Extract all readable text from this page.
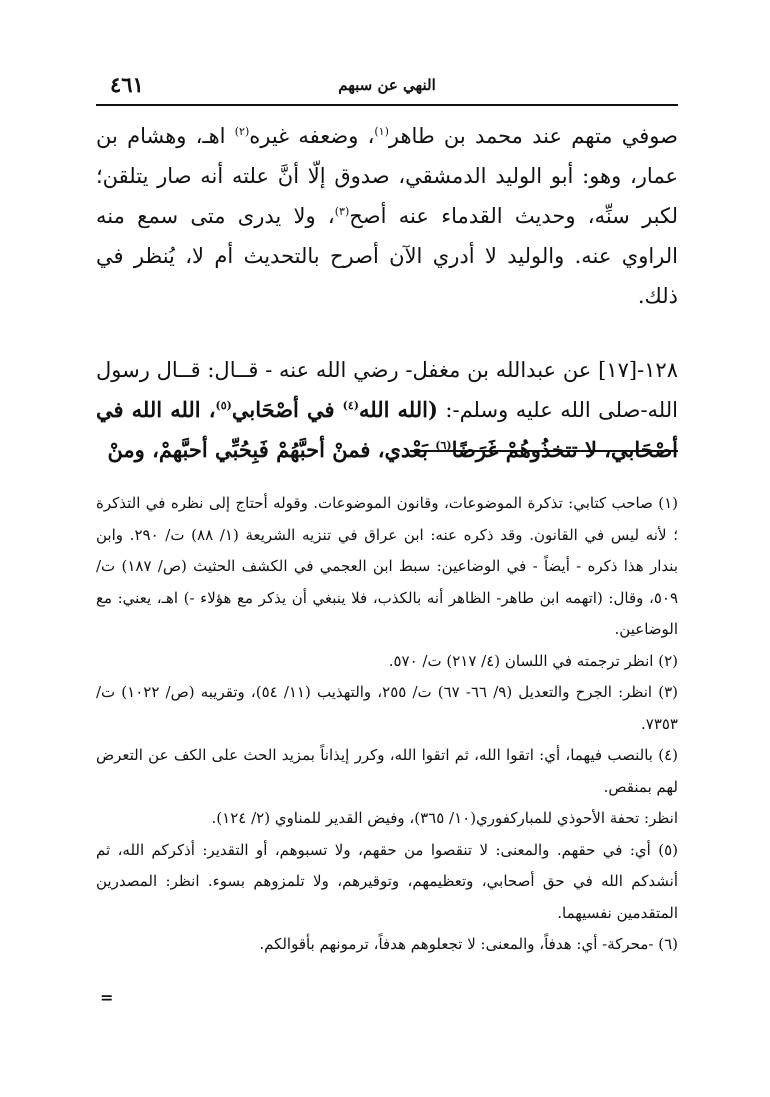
٤٦١	النهي عن سبهم

صوفي متهم عند محمد بن طاهر$^{(١)}$، وضعفه غيره$^{(٢)}$ اهـ، وهشام بن عمار، وهو: أبو الوليد الدمشقي، صدوق إلّا أنَّ علته أنه صار يتلقن؛ لكبر سنِّه، وحديث القدماء عنه أصح$^{(٣)}$، ولا يدرى متى سمع منه الراوي عنه. والوليد لا أدري الآن أصرح بالتحديث أم لا، يُنظر في ذلك.

١٢٨-[١٧] عن عبدالله بن مغفل- رضي الله عنه - قــال: قــال رسول الله-صلى الله عليه وسلم-: (الله الله$^{(٤)}$ في أصْحَابي$^{(٥)}$، الله الله في أصْحَابي، لا تتخذُوهُمْ غَرَضًا$^{(٦)}$ بَعْدي، فمنْ أحبَّهُمْ فَبِحُبِّي أحبَّهمْ، ومنْ

(١) صاحب كتابي: تذكرة الموضوعات، وقانون الموضوعات. وقوله أحتاج إلى نظره في التذكرة ؛ لأنه ليس في القانون. وقد ذكره عنه: ابن عراق في تنزيه الشريعة (١/ ٨٨) ت/ ٢٩٠. وابن بندار هذا ذكره - أيضاً - في الوضاعين: سبط ابن العجمي في الكشف الحثيث (ص/ ١٨٧) ت/ ٥٠٩، وقال: (اتهمه ابن طاهر- الظاهر أنه بالكذب، فلا ينبغي أن يذكر مع هؤلاء -) اهـ، يعني: مع الوضاعين.

(٢) انظر ترجمته في اللسان (٤/ ٢١٧) ت/ ٥٧٠.

(٣) انظر: الجرح والتعديل (٩/ ٦٦- ٦٧) ت/ ٢٥٥، والتهذيب (١١/ ٥٤)، وتقريبه (ص/ ١٠٢٢) ت/ ٧٣٥٣.

(٤) بالنصب فيهما، أي: اتقوا الله، ثم اتقوا الله، وكرر إيذاناً بمزيد الحث على الكف عن التعرض لهم بمنقص.

انظر: تحفة الأحوذي للمباركفوري(١٠/ ٣٦٥)، وفيض القدير للمناوي (٢/ ١٢٤).

(٥) أي: في حقهم. والمعنى: لا تنقصوا من حقهم، ولا تسبوهم، أو التقدير: أذكركم الله، ثم أنشدكم الله في حق أصحابي، وتعظيمهم، وتوقيرهم، ولا تلمزوهم بسوء. انظر: المصدرين المتقدمين نفسيهما.

(٦) -محركة- أي: هدفاً، والمعنى: لا تجعلوهم هدفاً، ترمونهم بأقوالكم.

=
